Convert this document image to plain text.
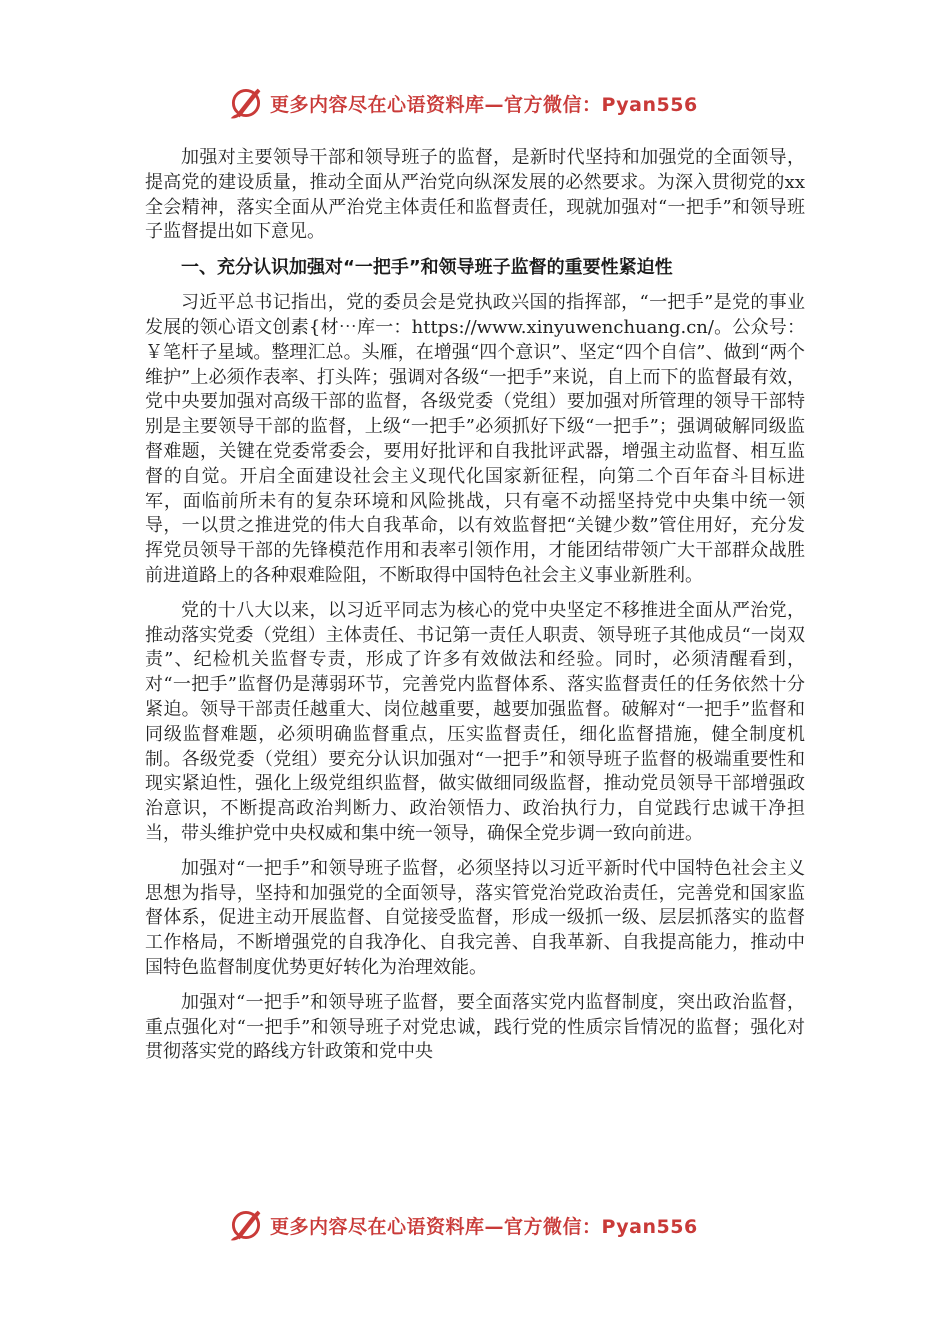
更多内容尽在心语资料库—官方微信：Pyan556

加强对主要领导干部和领导班子的监督，是新时代坚持和加强党的全面领导，提高党的建设质量，推动全面从严治党向纵深发展的必然要求。为深入贯彻党的xx全会精神，落实全面从严治党主体责任和监督责任，现就加强对“一把手”和领导班子监督提出如下意见。

一、充分认识加强对“一把手”和领导班子监督的重要性紧迫性

习近平总书记指出，党的委员会是党执政兴国的指挥部，“一把手”是党的事业发展的领心语文创素{材⋯库一：https://www.xinyuwenchuang.cn/。公众号：￥笔杆子星域。整理汇总。头雁，在增强“四个意识”、坚定“四个自信”、做到“两个维护”上必须作表率、打头阵；强调对各级“一把手”来说，自上而下的监督最有效，党中央要加强对高级干部的监督，各级党委（党组）要加强对所管理的领导干部特别是主要领导干部的监督，上级“一把手”必须抓好下级“一把手”；强调破解同级监督难题，关键在党委常委会，要用好批评和自我批评武器，增强主动监督、相互监督的自觉。开启全面建设社会主义现代化国家新征程，向第二个百年奋斗目标进军，面临前所未有的复杂环境和风险挑战，只有毫不动摇坚持党中央集中统一领导，一以贯之推进党的伟大自我革命，以有效监督把“关键少数”管住用好，充分发挥党员领导干部的先锋模范作用和表率引领作用，才能团结带领广大干部群众战胜前进道路上的各种艰难险阻，不断取得中国特色社会主义事业新胜利。

党的十八大以来，以习近平同志为核心的党中央坚定不移推进全面从严治党，推动落实党委（党组）主体责任、书记第一责任人职责、领导班子其他成员“一岗双责”、纪检机关监督专责，形成了许多有效做法和经验。同时，必须清醒看到，对“一把手”监督仍是薄弱环节，完善党内监督体系、落实监督责任的任务依然十分紧迫。领导干部责任越重大、岗位越重要，越要加强监督。破解对“一把手”监督和同级监督难题，必须明确监督重点，压实监督责任，细化监督措施，健全制度机制。各级党委（党组）要充分认识加强对“一把手”和领导班子监督的极端重要性和现实紧迫性，强化上级党组织监督，做实做细同级监督，推动党员领导干部增强政治意识，不断提高政治判断力、政治领悟力、政治执行力，自觉践行忠诚干净担当，带头维护党中央权威和集中统一领导，确保全党步调一致向前进。

加强对“一把手”和领导班子监督，必须坚持以习近平新时代中国特色社会主义思想为指导，坚持和加强党的全面领导，落实管党治党政治责任，完善党和国家监督体系，促进主动开展监督、自觉接受监督，形成一级抓一级、层层抓落实的监督工作格局，不断增强党的自我净化、自我完善、自我革新、自我提高能力，推动中国特色监督制度优势更好转化为治理效能。

加强对“一把手”和领导班子监督，要全面落实党内监督制度，突出政治监督，重点强化对“一把手”和领导班子对党忠诚，践行党的性质宗旨情况的监督；强化对贯彻落实党的路线方针政策和党中央

更多内容尽在心语资料库—官方微信：Pyan556
